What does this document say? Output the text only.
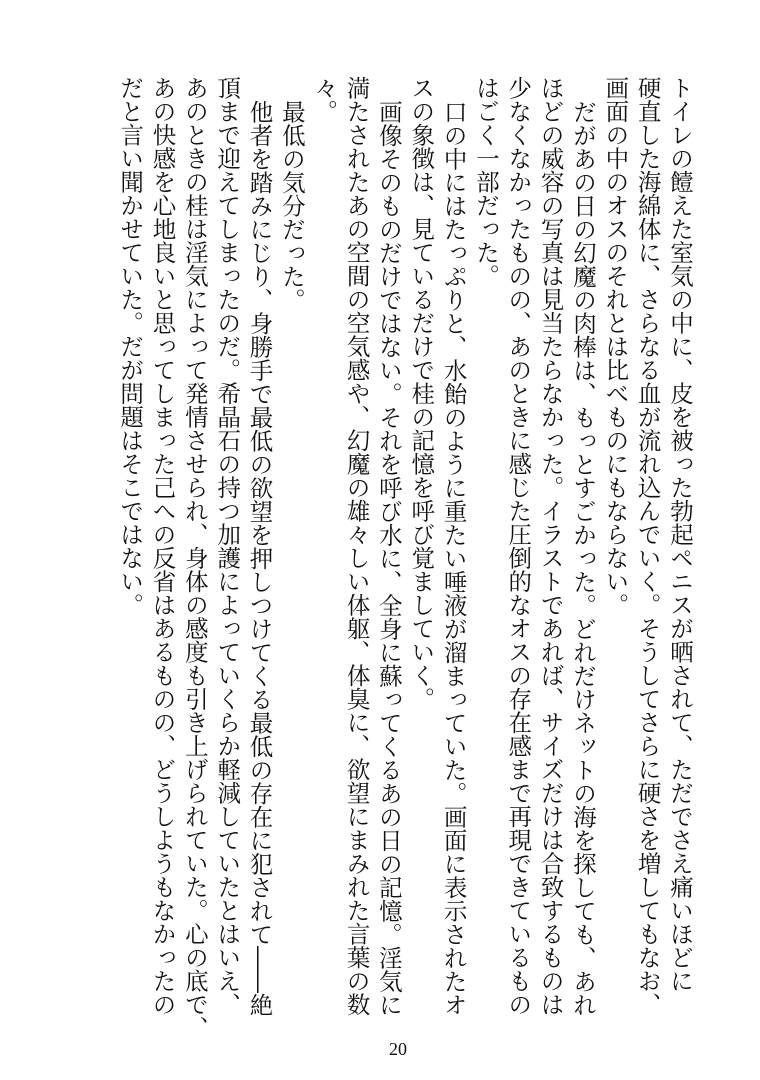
トイレの饐えた室気の中に、皮を被った勃起ペニスが晒されて、ただでさえ痛いほどに
硬直した海綿体に、さらなる血が流れ込んでいく。そうしてさらに硬さを増してもなお、
画面の中のオスのそれとは比べものにもならない。
だがあの日の幻魔の肉棒は、もっとすごかった。どれだけネットの海を探しても、あれ
ほどの威容の写真は見当たらなかった。イラストであれば、サイズだけは合致するものは
少なくなかったものの、あのときに感じた圧倒的なオスの存在感まで再現できているもの
はごく一部だった。
口の中にはたっぷりと、水飴のように重たい唾液が溜まっていた。画面に表示されたオ
スの象徴は、見ているだけで桂の記憶を呼び覚ましていく。
画像そのものだけではない。それを呼び水に、全身に蘇ってくるあの日の記憶。淫気に
満たされたあの空間の空気感や、幻魔の雄々しい体躯、体臭に、欲望にまみれた言葉の数
々。
最低の気分だった。
他者を踏みにじり、身勝手で最低の欲望を押しつけてくる最低の存在に犯されて――絶
頂まで迎えてしまったのだ。希晶石の持つ加護によっていくらか軽減していたとはいえ、
あのときの桂は淫気によって発情させられ、身体の感度も引き上げられていた。心の底で、
あの快感を心地良いと思ってしまった己への反省はあるものの、どうしようもなかったの
だと言い聞かせていた。だが問題はそこではない。
20
